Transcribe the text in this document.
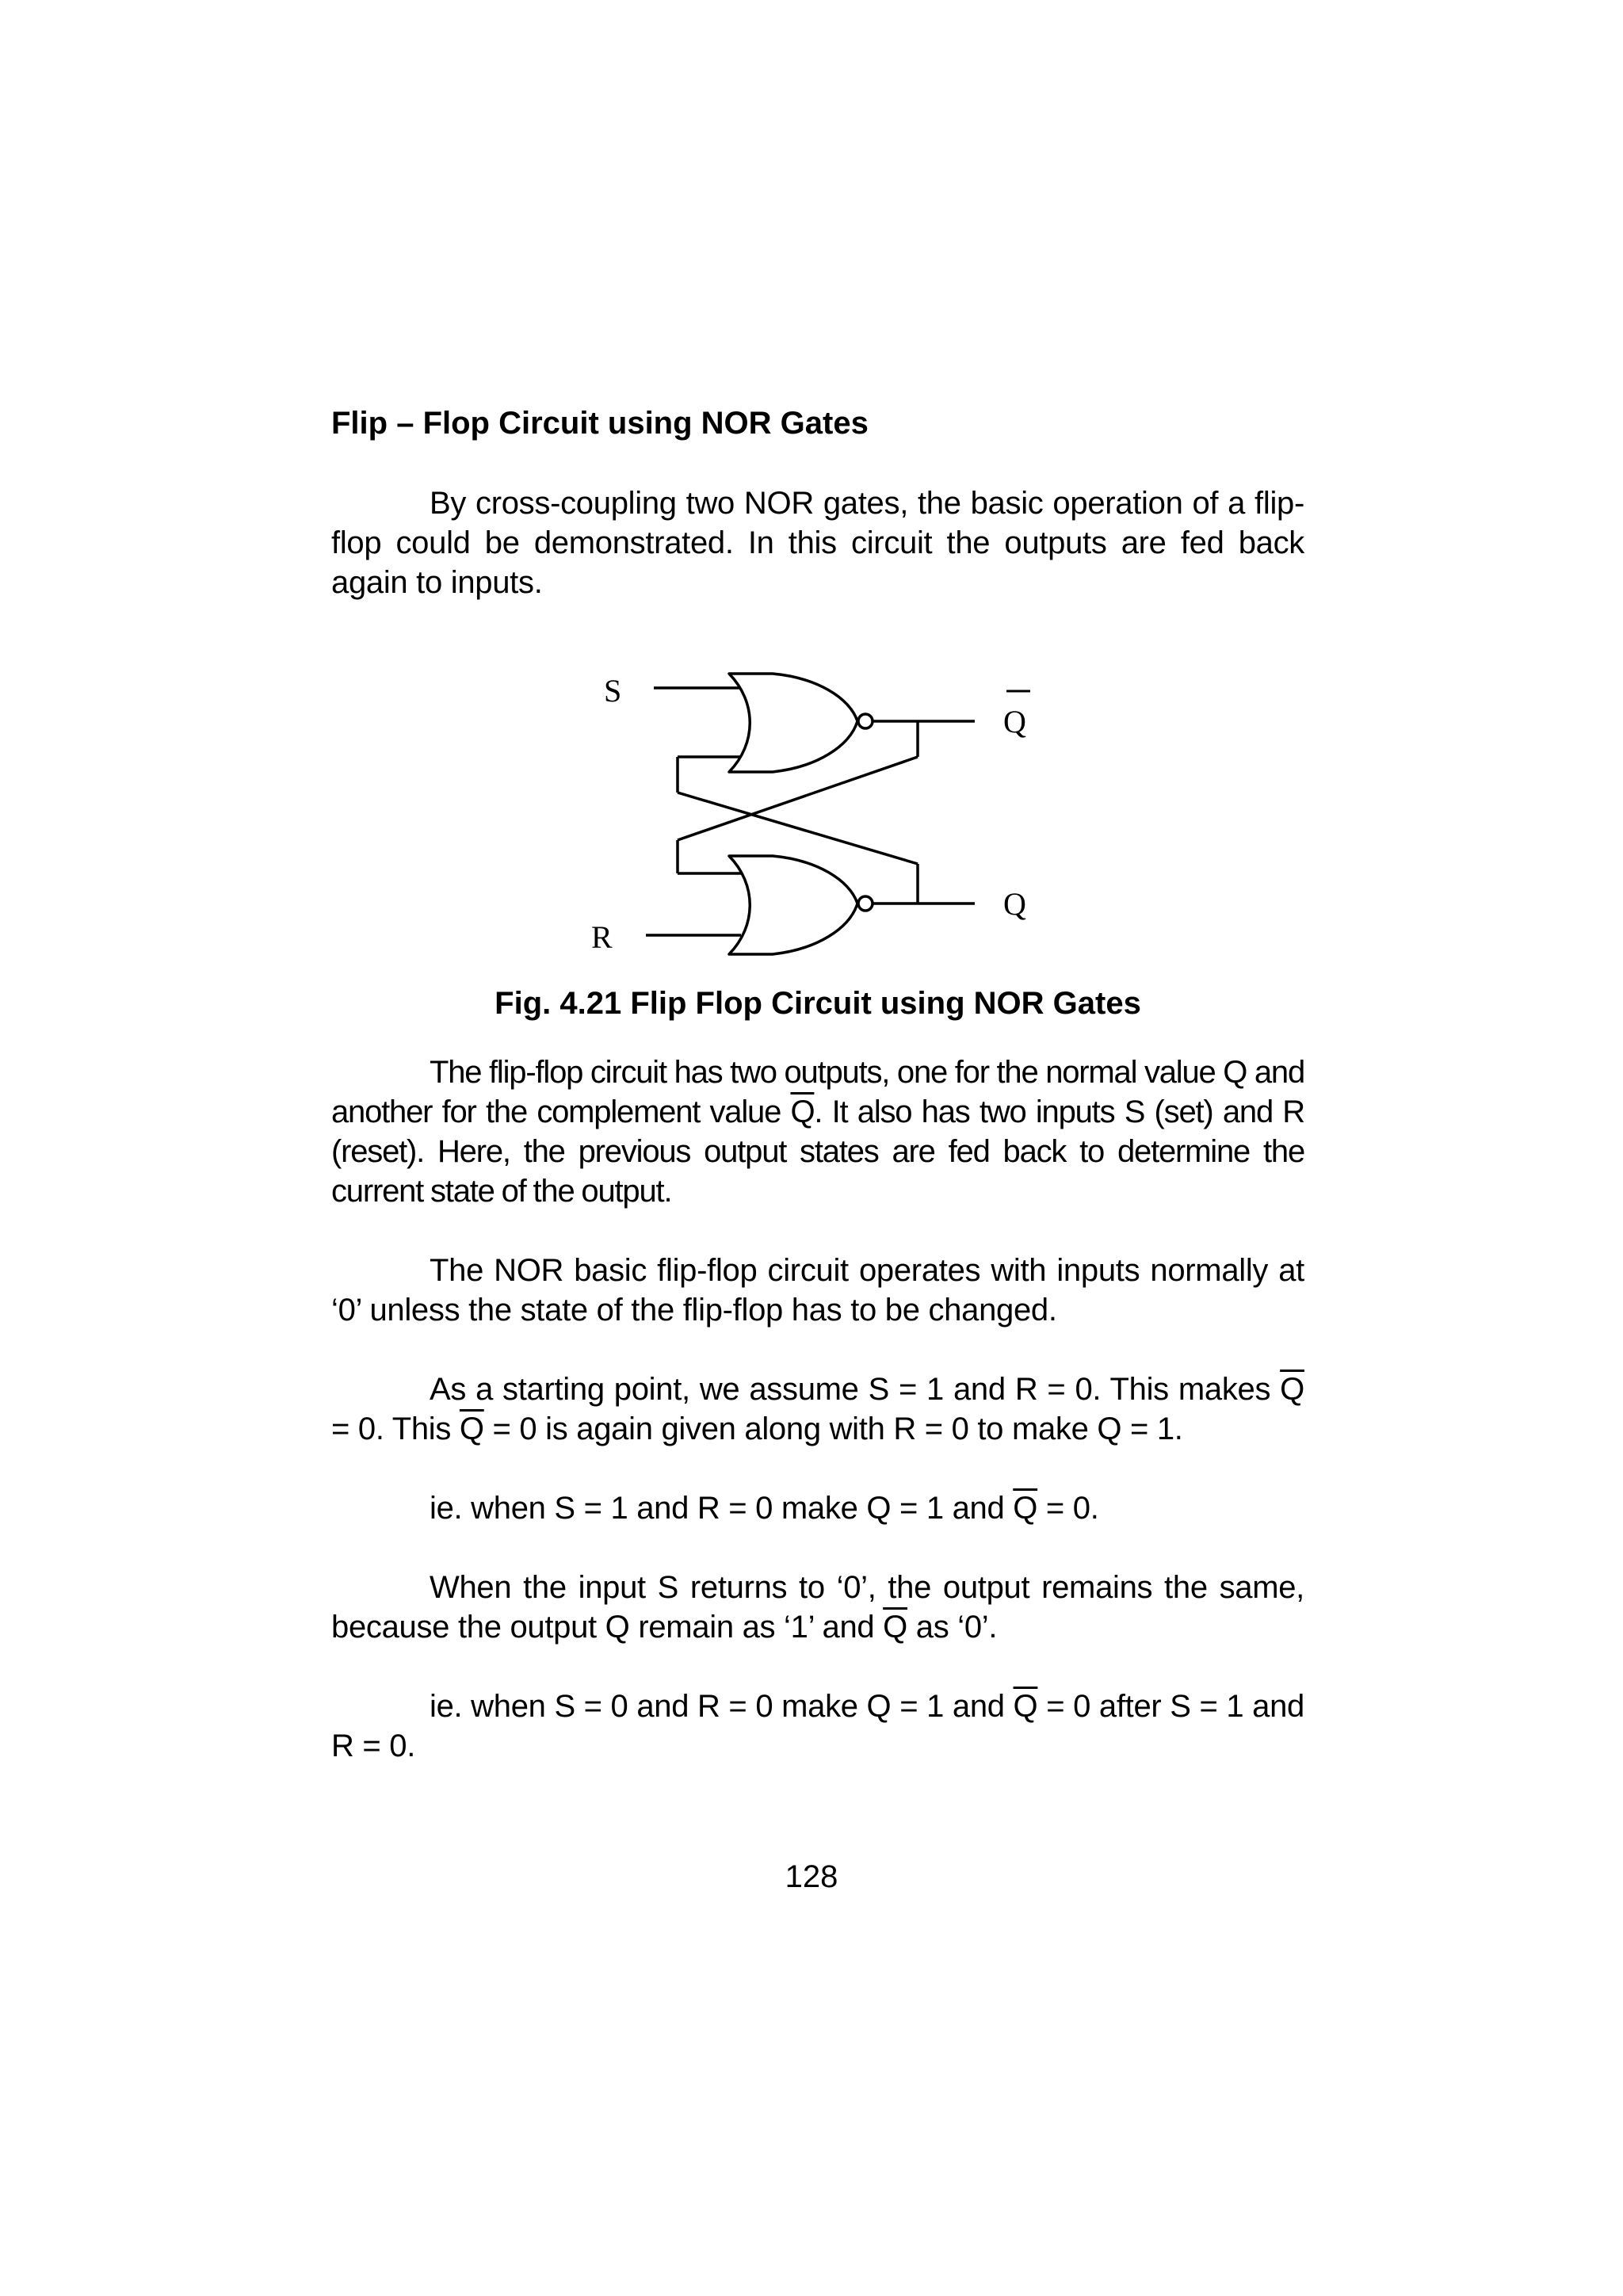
Flip – Flop Circuit using NOR Gates

By cross-coupling two NOR gates, the basic operation of a flip-flop could be demonstrated. In this circuit the outputs are fed back again to inputs.

Fig. 4.21 Flip Flop Circuit using NOR Gates

The flip-flop circuit has two outputs, one for the normal value Q and another for the complement value $\overline{Q}$. It also has two inputs S (set) and R (reset). Here, the previous output states are fed back to determine the current state of the output.

The NOR basic flip-flop circuit operates with inputs normally at ‘0’ unless the state of the flip-flop has to be changed.

As a starting point, we assume S = 1 and R = 0. This makes $\overline{Q} = 0$. This $\overline{Q} = 0$ is again given along with R = 0 to make Q = 1.

ie. when S = 1 and R = 0 make Q = 1 and $\overline{Q} = 0$.

When the input S returns to ‘0’, the output remains the same, because the output Q remain as ‘1’ and $\overline{Q}$ as ‘0’.

ie. when S = 0 and R = 0 make Q = 1 and $\overline{Q} = 0$ after S = 1 and R = 0.

S
R
Q
Q
128
